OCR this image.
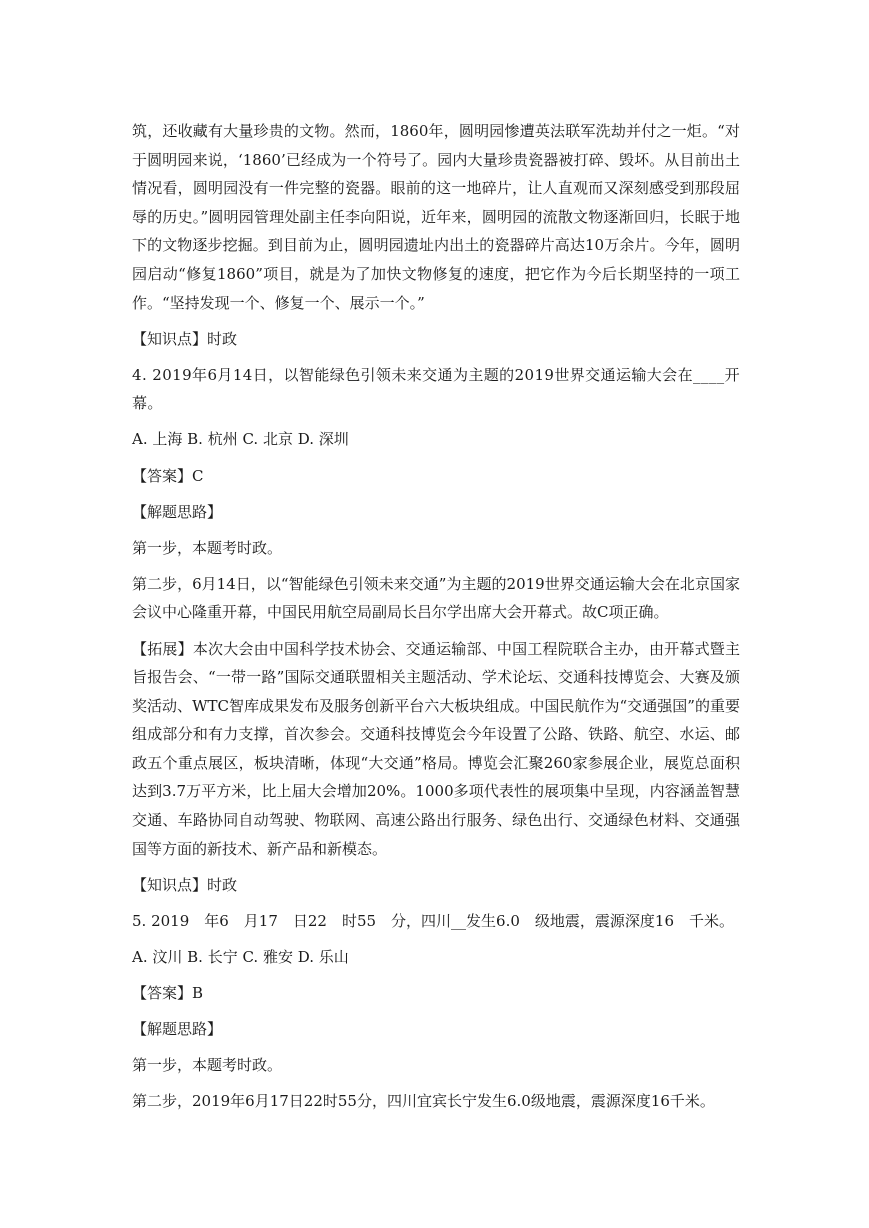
筑，还收藏有大量珍贵的文物。然而，1860年，圆明园惨遭英法联军洗劫并付之一炬。“对于圆明园来说，‘1860’已经成为一个符号了。园内大量珍贵瓷器被打碎、毁坏。从目前出土情况看，圆明园没有一件完整的瓷器。眼前的这一地碎片，让人直观而又深刻感受到那段屈辱的历史。”圆明园管理处副主任李向阳说，近年来，圆明园的流散文物逐渐回归，长眠于地下的文物逐步挖掘。到目前为止，圆明园遗址内出土的瓷器碎片高达10万余片。今年，圆明园启动“修复1860”项目，就是为了加快文物修复的速度，把它作为今后长期坚持的一项工作。“坚持发现一个、修复一个、展示一个。”

【知识点】时政

4. 2019年6月14日，以智能绿色引领未来交通为主题的2019世界交通运输大会在____开幕。

A. 上海 B. 杭州 C. 北京 D. 深圳

【答案】C

【解题思路】

第一步，本题考时政。

第二步，6月14日，以“智能绿色引领未来交通”为主题的2019世界交通运输大会在北京国家会议中心隆重开幕，中国民用航空局副局长吕尔学出席大会开幕式。故C项正确。

【拓展】本次大会由中国科学技术协会、交通运输部、中国工程院联合主办，由开幕式暨主旨报告会、“一带一路”国际交通联盟相关主题活动、学术论坛、交通科技博览会、大赛及颁奖活动、WTC智库成果发布及服务创新平台六大板块组成。中国民航作为“交通强国”的重要组成部分和有力支撑，首次参会。交通科技博览会今年设置了公路、铁路、航空、水运、邮政五个重点展区，板块清晰，体现“大交通”格局。博览会汇聚260家参展企业，展览总面积达到3.7万平方米，比上届大会增加20%。1000多项代表性的展项集中呈现，内容涵盖智慧交通、车路协同自动驾驶、物联网、高速公路出行服务、绿色出行、交通绿色材料、交通强国等方面的新技术、新产品和新模态。

【知识点】时政

5. 2019　年6　月17　日22　时55　分，四川__发生6.0　级地震，震源深度16　千米。

A. 汶川 B. 长宁 C. 雅安 D. 乐山

【答案】B

【解题思路】

第一步，本题考时政。

第二步，2019年6月17日22时55分，四川宜宾长宁发生6.0级地震，震源深度16千米。
